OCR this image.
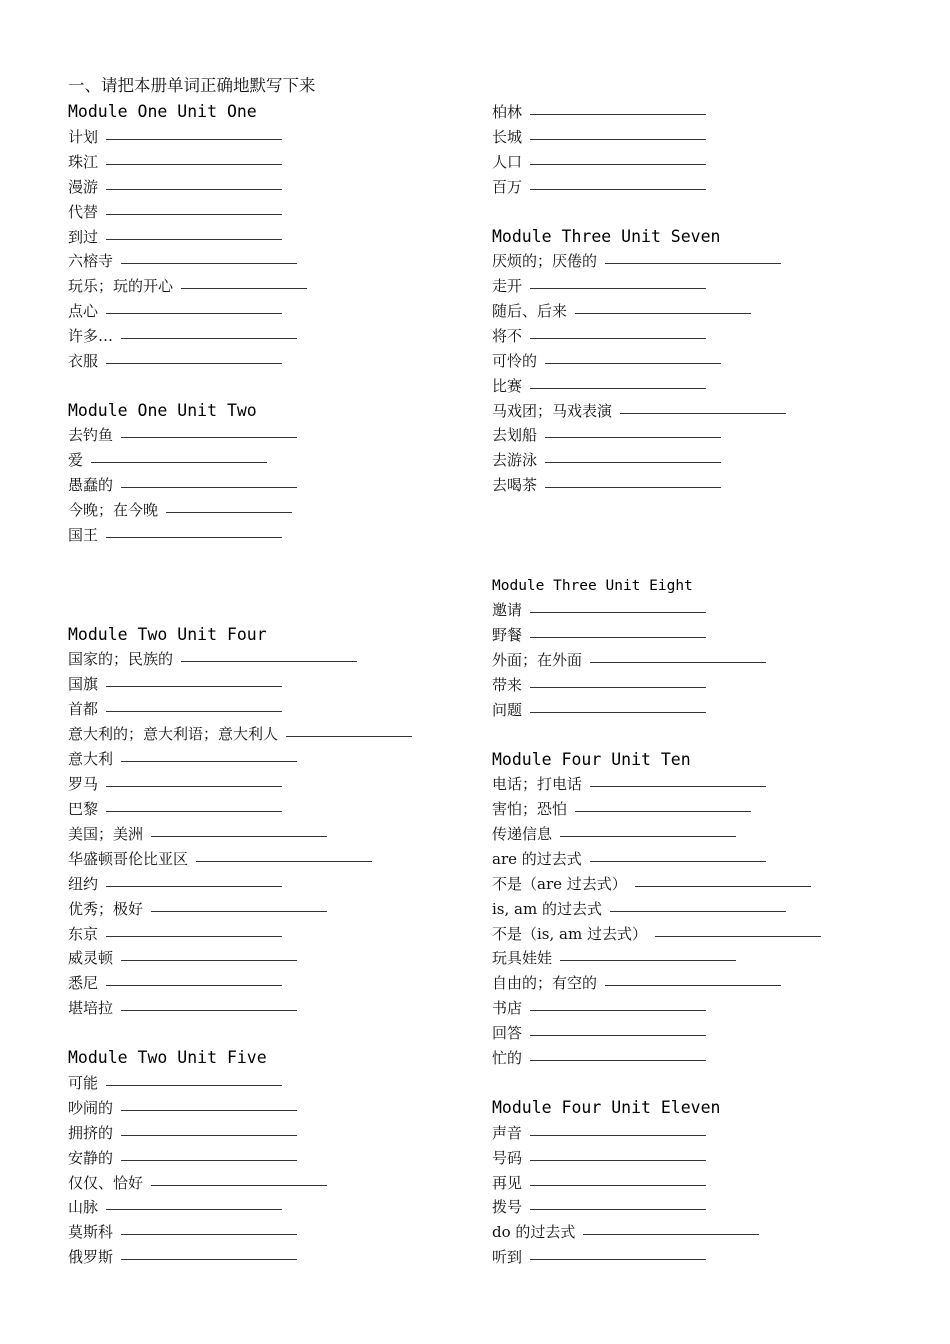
一、请把本册单词正确地默写下来
Module One Unit One
计划
珠江
漫游
代替
到过
六榕寺
玩乐；玩的开心
点心
许多…
衣服
Module One Unit Two
去钓鱼
爱
愚蠢的
今晚；在今晚
国王
Module Two Unit Four
国家的；民族的
国旗
首都
意大利的；意大利语；意大利人
意大利
罗马
巴黎
美国；美洲
华盛顿哥伦比亚区
纽约
优秀；极好
东京
威灵顿
悉尼
堪培拉
Module Two Unit Five
可能
吵闹的
拥挤的
安静的
仅仅、恰好
山脉
莫斯科
俄罗斯
柏林
长城
人口
百万
Module Three Unit Seven
厌烦的；厌倦的
走开
随后、后来
将不
可怜的
比赛
马戏团；马戏表演
去划船
去游泳
去喝茶
Module Three Unit Eight
邀请
野餐
外面；在外面
带来
问题
Module Four Unit Ten
电话；打电话
害怕；恐怕
传递信息
are 的过去式
不是（are 过去式）
is, am 的过去式
不是（is, am 过去式）
玩具娃娃
自由的；有空的
书店
回答
忙的
Module Four Unit Eleven
声音
号码
再见
拨号
do 的过去式
听到
